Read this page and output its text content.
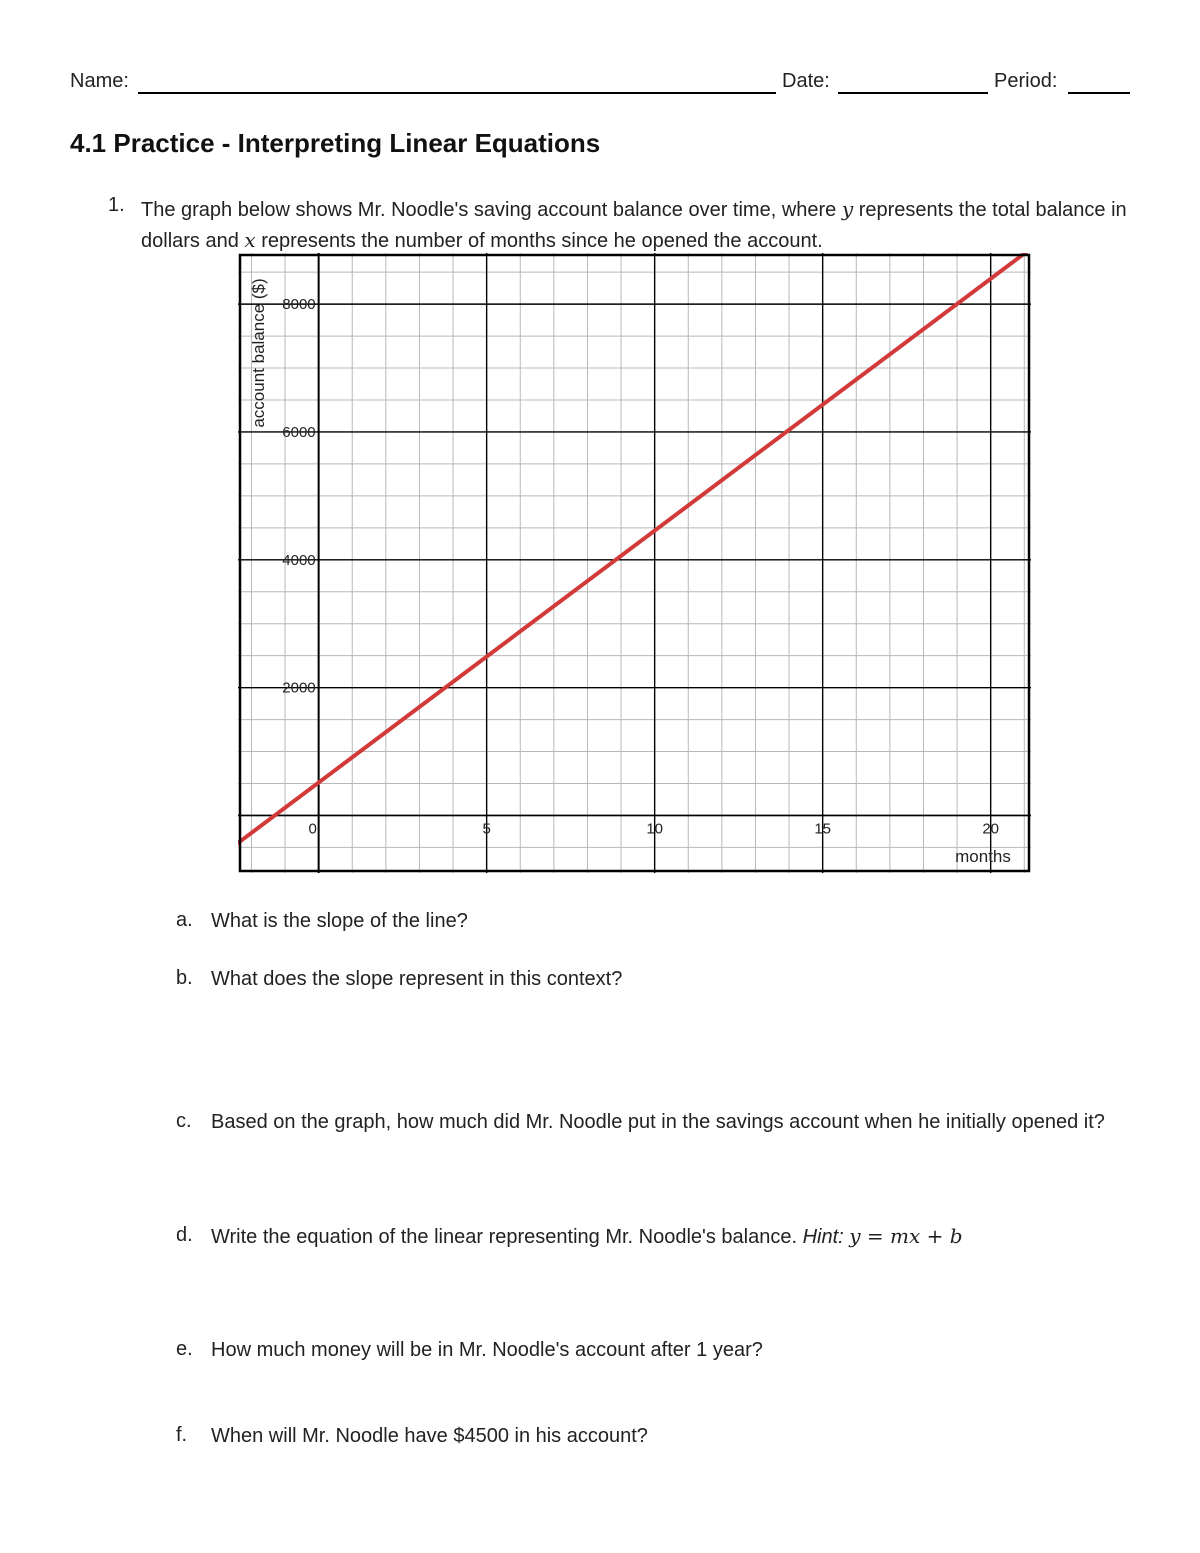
Name:	Date:	Period:
4.1 Practice - Interpreting Linear Equations
1. The graph below shows Mr. Noodle's saving account balance over time, where y represents the total balance in dollars and x represents the number of months since he opened the account.
0	5	10	15	20
2000
4000
6000
8000
account balance ($)
months
a. What is the slope of the line?
b. What does the slope represent in this context?
c. Based on the graph, how much did Mr. Noodle put in the savings account when he initially opened it?
d. Write the equation of the linear representing Mr. Noodle's balance. Hint: y = mx + b
e. How much money will be in Mr. Noodle's account after 1 year?
f. When will Mr. Noodle have $4500 in his account?
